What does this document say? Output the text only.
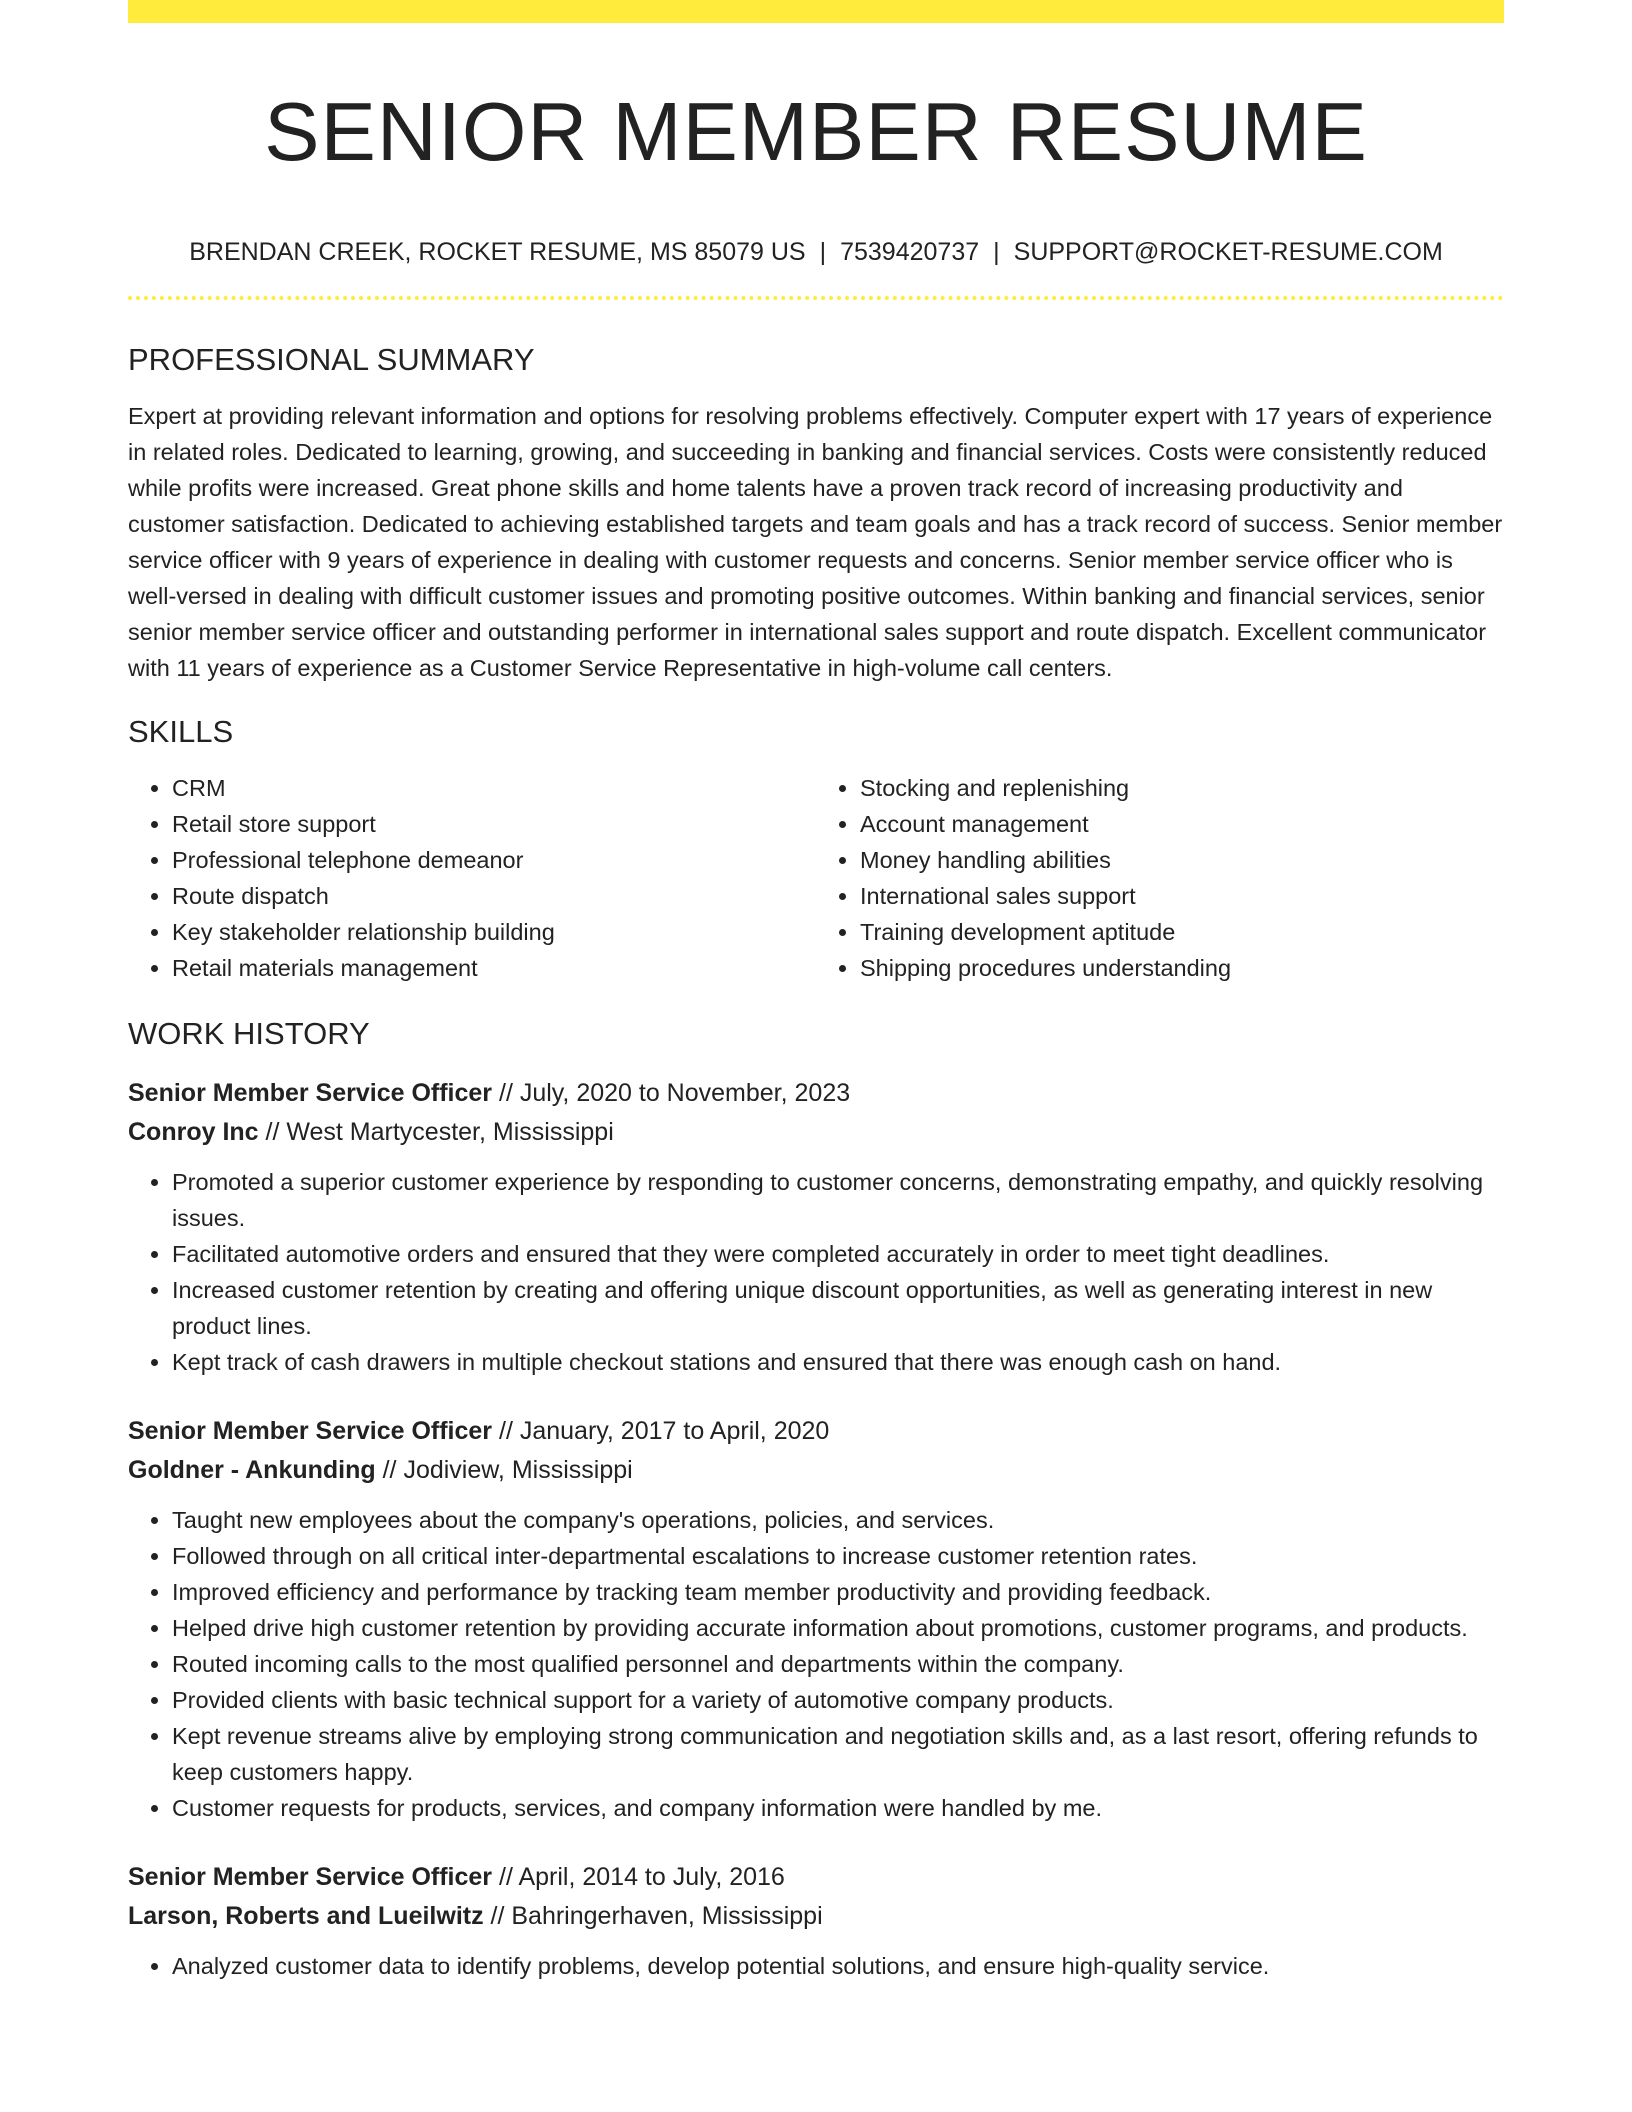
SENIOR MEMBER RESUME
BRENDAN CREEK, ROCKET RESUME, MS 85079 US | 7539420737 | SUPPORT@ROCKET-RESUME.COM
PROFESSIONAL SUMMARY

Expert at providing relevant information and options for resolving problems effectively. Computer expert with 17 years of experience in related roles. Dedicated to learning, growing, and succeeding in banking and financial services. Costs were consistently reduced while profits were increased. Great phone skills and home talents have a proven track record of increasing productivity and customer satisfaction. Dedicated to achieving established targets and team goals and has a track record of success. Senior member service officer with 9 years of experience in dealing with customer requests and concerns. Senior member service officer who is well-versed in dealing with difficult customer issues and promoting positive outcomes. Within banking and financial services, senior senior member service officer and outstanding performer in international sales support and route dispatch. Excellent communicator with 11 years of experience as a Customer Service Representative in high-volume call centers.

SKILLS
• CRM
• Retail store support
• Professional telephone demeanor
• Route dispatch
• Key stakeholder relationship building
• Retail materials management
• Stocking and replenishing
• Account management
• Money handling abilities
• International sales support
• Training development aptitude
• Shipping procedures understanding
WORK HISTORY
Senior Member Service Officer // July, 2020 to November, 2023
Conroy Inc // West Martycester, Mississippi
• Promoted a superior customer experience by responding to customer concerns, demonstrating empathy, and quickly resolving issues.
• Facilitated automotive orders and ensured that they were completed accurately in order to meet tight deadlines.
• Increased customer retention by creating and offering unique discount opportunities, as well as generating interest in new product lines.
• Kept track of cash drawers in multiple checkout stations and ensured that there was enough cash on hand.
Senior Member Service Officer // January, 2017 to April, 2020
Goldner - Ankunding // Jodiview, Mississippi
• Taught new employees about the company's operations, policies, and services.
• Followed through on all critical inter-departmental escalations to increase customer retention rates.
• Improved efficiency and performance by tracking team member productivity and providing feedback.
• Helped drive high customer retention by providing accurate information about promotions, customer programs, and products.
• Routed incoming calls to the most qualified personnel and departments within the company.
• Provided clients with basic technical support for a variety of automotive company products.
• Kept revenue streams alive by employing strong communication and negotiation skills and, as a last resort, offering refunds to keep customers happy.
• Customer requests for products, services, and company information were handled by me.
Senior Member Service Officer // April, 2014 to July, 2016
Larson, Roberts and Lueilwitz // Bahringerhaven, Mississippi
• Analyzed customer data to identify problems, develop potential solutions, and ensure high-quality service.
